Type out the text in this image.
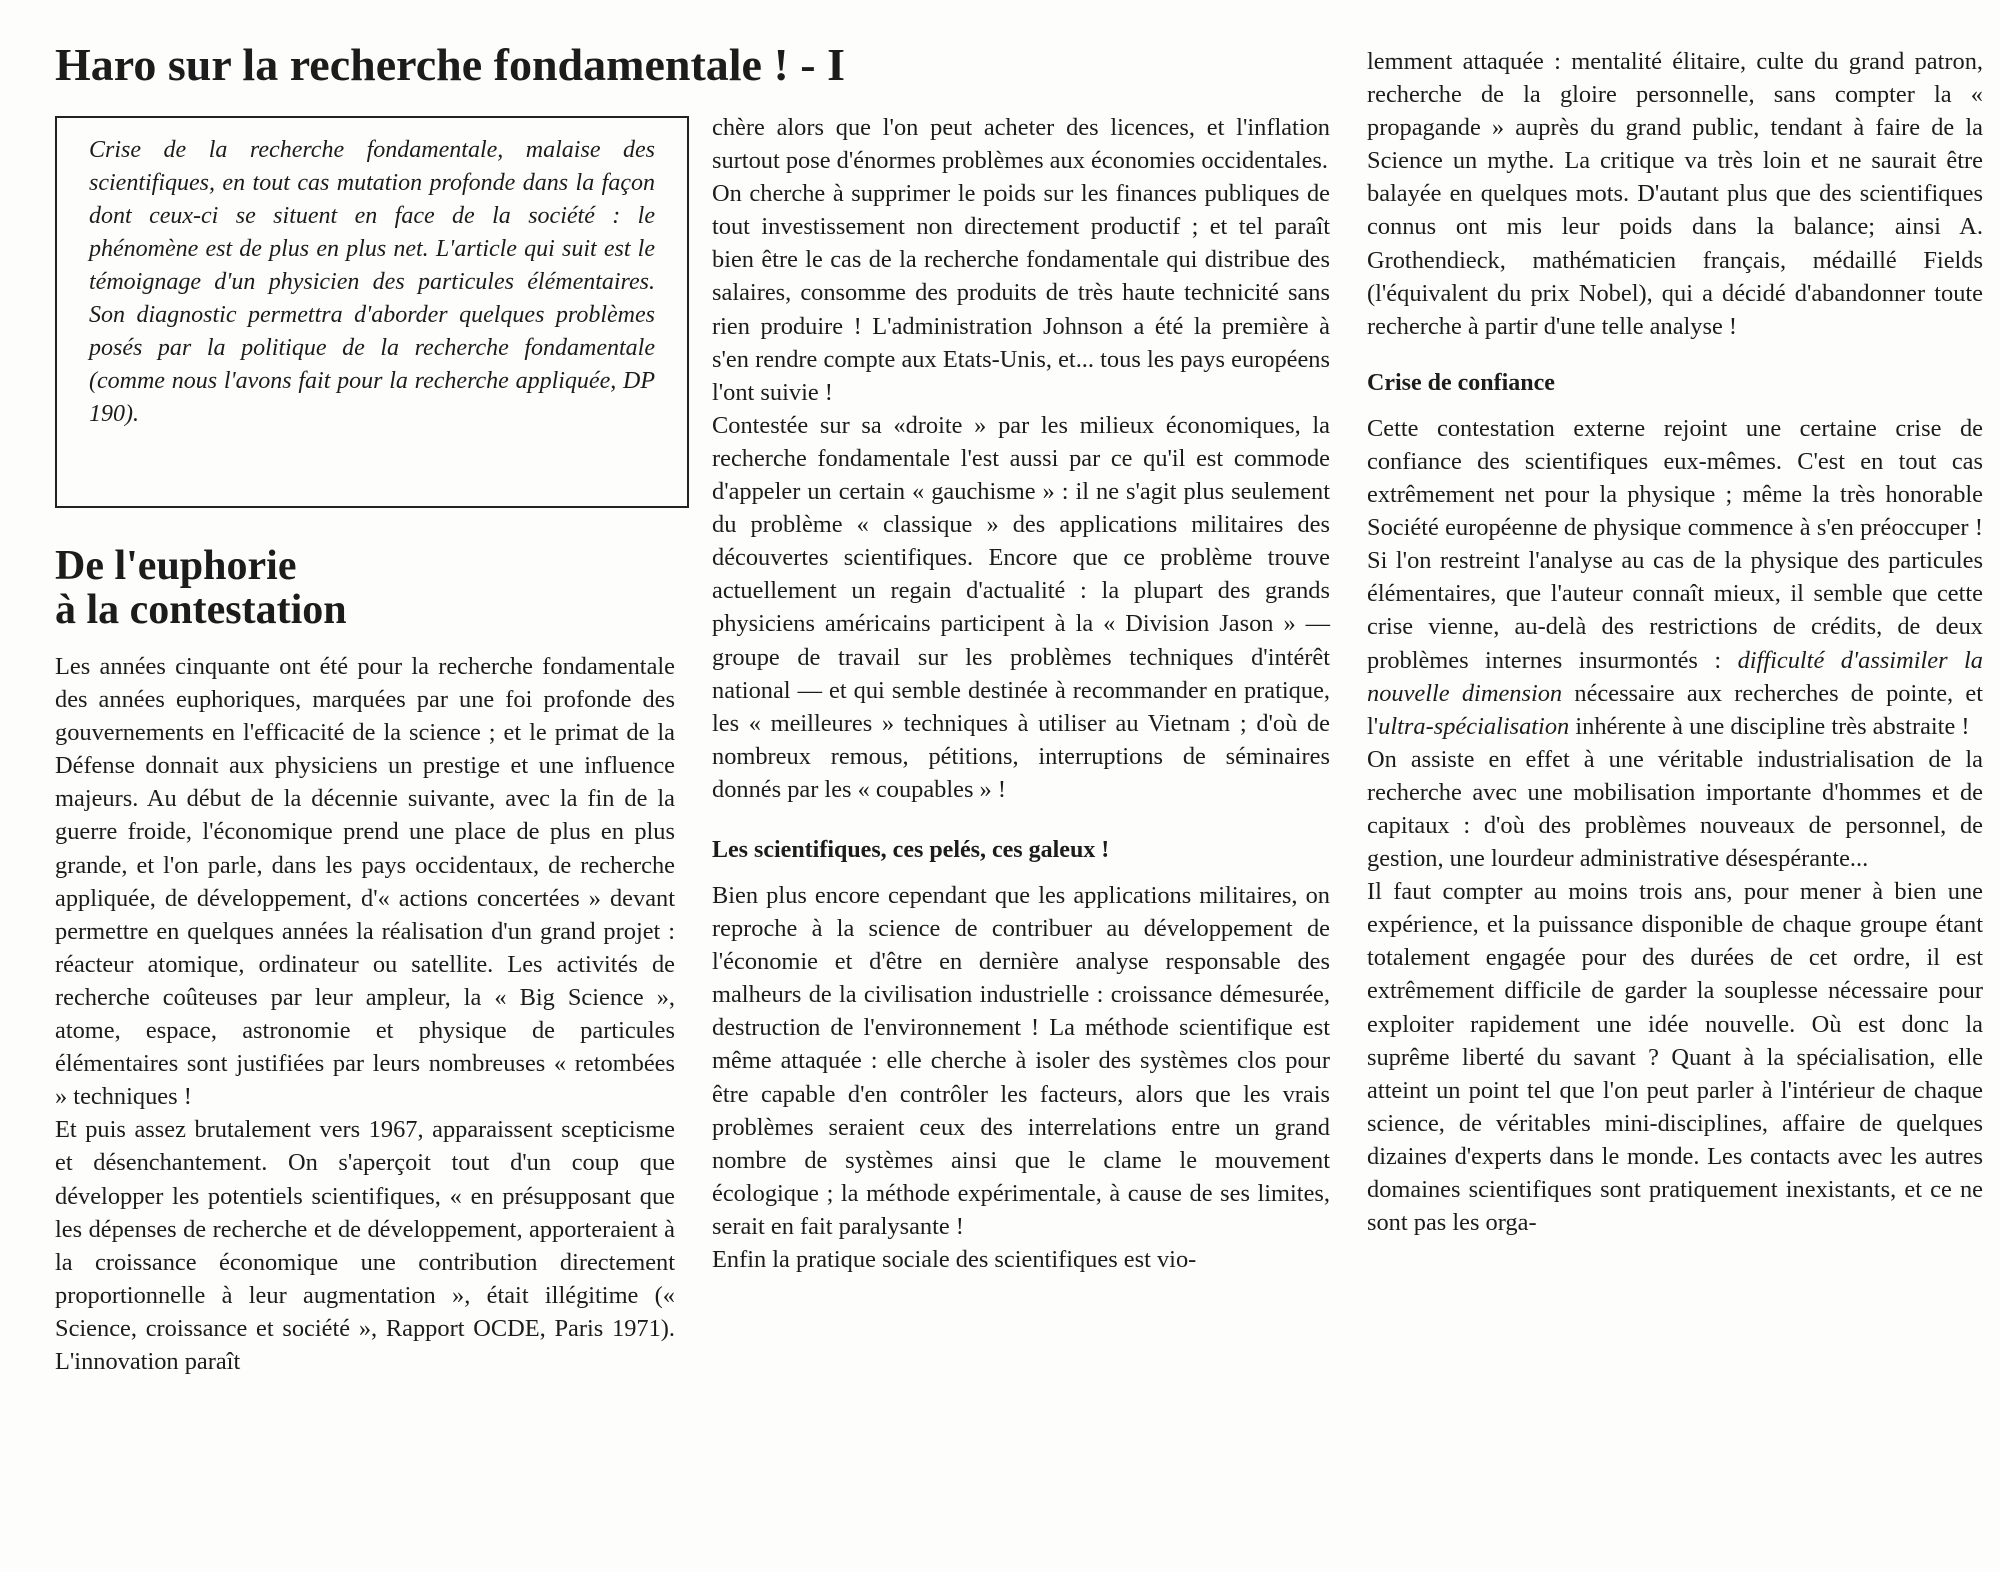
Haro sur la recherche fondamentale ! - I
Crise de la recherche fondamentale, malaise des scientifiques, en tout cas mutation profonde dans la façon dont ceux-ci se situent en face de la société : le phénomène est de plus en plus net. L'article qui suit est le témoignage d'un physicien des particules élémentaires. Son diagnostic permettra d'aborder quelques problèmes posés par la politique de la recherche fondamentale (comme nous l'avons fait pour la recherche appliquée, DP 190).
De l'euphorie
à la contestation

Les années cinquante ont été pour la recherche fondamentale des années euphoriques, marquées par une foi profonde des gouvernements en l'efficacité de la science ; et le primat de la Défense donnait aux physiciens un prestige et une influence majeurs. Au début de la décennie suivante, avec la fin de la guerre froide, l'économique prend une place de plus en plus grande, et l'on parle, dans les pays occidentaux, de recherche appliquée, de développement, d'« actions concertées » devant permettre en quelques années la réalisation d'un grand projet : réacteur atomique, ordinateur ou satellite. Les activités de recherche coûteuses par leur ampleur, la « Big Science », atome, espace, astronomie et physique de particules élémentaires sont justifiées par leurs nombreuses « retombées » techniques !

Et puis assez brutalement vers 1967, apparaissent scepticisme et désenchantement. On s'aperçoit tout d'un coup que développer les potentiels scientifiques, « en présupposant que les dépenses de recherche et de développement, apporteraient à la croissance économique une contribution directement proportionnelle à leur augmentation », était illégitime (« Science, croissance et société », Rapport OCDE, Paris 1971). L'innovation paraît

chère alors que l'on peut acheter des licences, et l'inflation surtout pose d'énormes problèmes aux économies occidentales.

On cherche à supprimer le poids sur les finances publiques de tout investissement non directement productif ; et tel paraît bien être le cas de la recherche fondamentale qui distribue des salaires, consomme des produits de très haute technicité sans rien produire ! L'administration Johnson a été la première à s'en rendre compte aux Etats-Unis, et... tous les pays européens l'ont suivie !

Contestée sur sa «droite » par les milieux économiques, la recherche fondamentale l'est aussi par ce qu'il est commode d'appeler un certain « gauchisme » : il ne s'agit plus seulement du problème « classique » des applications militaires des découvertes scientifiques. Encore que ce problème trouve actuellement un regain d'actualité : la plupart des grands physiciens américains participent à la « Division Jason » — groupe de travail sur les problèmes techniques d'intérêt national — et qui semble destinée à recommander en pratique, les « meilleures » techniques à utiliser au Vietnam ; d'où de nombreux remous, pétitions, interruptions de séminaires donnés par les « coupables » !

Les scientifiques, ces pelés, ces galeux !

Bien plus encore cependant que les applications militaires, on reproche à la science de contribuer au développement de l'économie et d'être en dernière analyse responsable des malheurs de la civilisation industrielle : croissance démesurée, destruction de l'environnement ! La méthode scientifique est même attaquée : elle cherche à isoler des systèmes clos pour être capable d'en contrôler les facteurs, alors que les vrais problèmes seraient ceux des interrelations entre un grand nombre de systèmes ainsi que le clame le mouvement écologique ; la méthode expérimentale, à cause de ses limites, serait en fait paralysante !

Enfin la pratique sociale des scientifiques est vio-

lemment attaquée : mentalité élitaire, culte du grand patron, recherche de la gloire personnelle, sans compter la « propagande » auprès du grand public, tendant à faire de la Science un mythe. La critique va très loin et ne saurait être balayée en quelques mots. D'autant plus que des scientifiques connus ont mis leur poids dans la balance; ainsi A. Grothendieck, mathématicien français, médaillé Fields (l'équivalent du prix Nobel), qui a décidé d'abandonner toute recherche à partir d'une telle analyse !

Crise de confiance

Cette contestation externe rejoint une certaine crise de confiance des scientifiques eux-mêmes. C'est en tout cas extrêmement net pour la physique ; même la très honorable Société européenne de physique commence à s'en préoccuper ! Si l'on restreint l'analyse au cas de la physique des particules élémentaires, que l'auteur connaît mieux, il semble que cette crise vienne, au-delà des restrictions de crédits, de deux problèmes internes insurmontés : difficulté d'assimiler la nouvelle dimension nécessaire aux recherches de pointe, et l'ultra-spécialisation inhérente à une discipline très abstraite !

On assiste en effet à une véritable industrialisation de la recherche avec une mobilisation importante d'hommes et de capitaux : d'où des problèmes nouveaux de personnel, de gestion, une lourdeur administrative désespérante...

Il faut compter au moins trois ans, pour mener à bien une expérience, et la puissance disponible de chaque groupe étant totalement engagée pour des durées de cet ordre, il est extrêmement difficile de garder la souplesse nécessaire pour exploiter rapidement une idée nouvelle. Où est donc la suprême liberté du savant ? Quant à la spécialisation, elle atteint un point tel que l'on peut parler à l'intérieur de chaque science, de véritables mini-disciplines, affaire de quelques dizaines d'experts dans le monde. Les contacts avec les autres domaines scientifiques sont pratiquement inexistants, et ce ne sont pas les orga-
